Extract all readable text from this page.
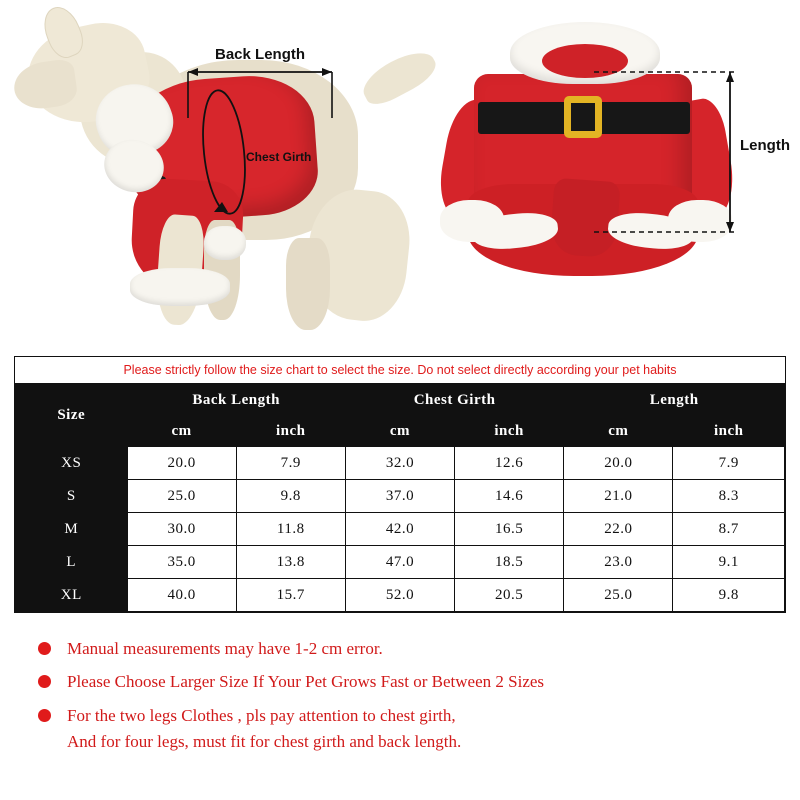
Back Length
Chest Girth
Length
Please strictly follow the size chart to select the size. Do not select directly according your pet habits
Size	Back Length		Chest Girth		Length	
	cm	inch	cm	inch	cm	inch
XS	20.0	7.9	32.0	12.6	20.0	7.9
S	25.0	9.8	37.0	14.6	21.0	8.3
M	30.0	11.8	42.0	16.5	22.0	8.7
L	35.0	13.8	47.0	18.5	23.0	9.1
XL	40.0	15.7	52.0	20.5	25.0	9.8
Manual measurements may have 1-2 cm error.
Please Choose Larger Size If Your Pet Grows Fast or Between 2 Sizes
For the two legs Clothes , pls pay attention to chest girth,
And for four legs, must fit for chest girth and back length.
